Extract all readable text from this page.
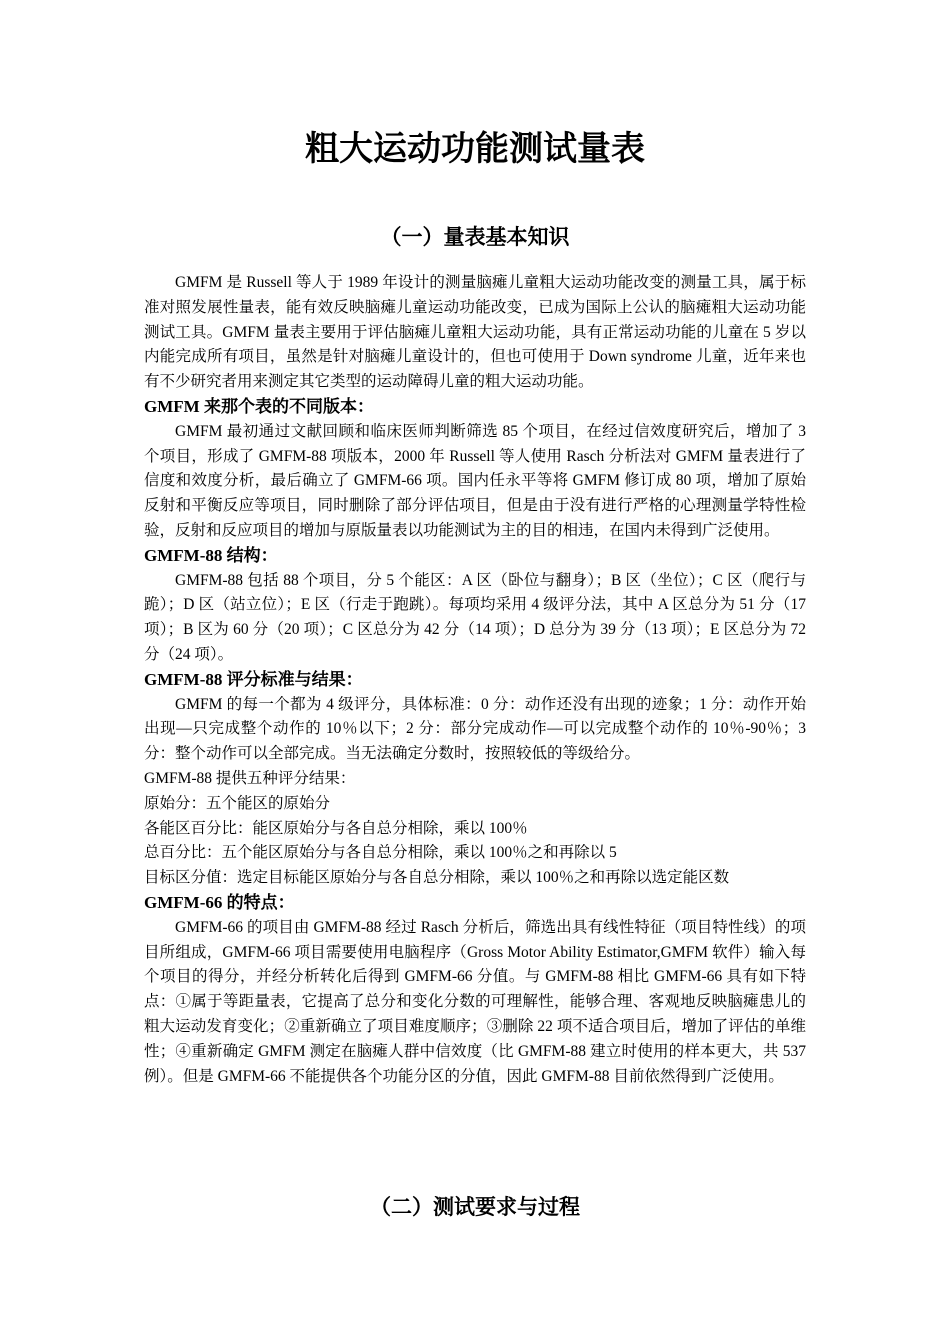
粗大运动功能测试量表
（一）量表基本知识

GMFM 是 Russell 等人于 1989 年设计的测量脑瘫儿童粗大运动功能改变的测量工具，属于标准对照发展性量表，能有效反映脑瘫儿童运动功能改变，已成为国际上公认的脑瘫粗大运动功能测试工具。GMFM 量表主要用于评估脑瘫儿童粗大运动功能，具有正常运动功能的儿童在 5 岁以内能完成所有项目，虽然是针对脑瘫儿童设计的，但也可使用于 Down syndrome 儿童，近年来也有不少研究者用来测定其它类型的运动障碍儿童的粗大运动功能。

GMFM 来那个表的不同版本：

GMFM 最初通过文献回顾和临床医师判断筛选 85 个项目，在经过信效度研究后，增加了 3 个项目，形成了 GMFM-88 项版本，2000 年 Russell 等人使用 Rasch 分析法对 GMFM 量表进行了信度和效度分析，最后确立了 GMFM-66 项。国内任永平等将 GMFM 修订成 80 项，增加了原始反射和平衡反应等项目，同时删除了部分评估项目，但是由于没有进行严格的心理测量学特性检验，反射和反应项目的增加与原版量表以功能测试为主的目的相违，在国内未得到广泛使用。

GMFM-88 结构：

GMFM-88 包括 88 个项目，分 5 个能区：A 区（卧位与翻身）；B 区（坐位）；C 区（爬行与跪）；D 区（站立位）；E 区（行走于跑跳）。每项均采用 4 级评分法，其中 A 区总分为 51 分（17 项）；B 区为 60 分（20 项）；C 区总分为 42 分（14 项）；D 总分为 39 分（13 项）；E 区总分为 72 分（24 项）。

GMFM-88 评分标准与结果：

GMFM 的每一个都为 4 级评分，具体标准：0 分：动作还没有出现的迹象；1 分：动作开始出现—只完成整个动作的 10％以下；2 分：部分完成动作—可以完成整个动作的 10％-90％；3 分：整个动作可以全部完成。当无法确定分数时，按照较低的等级给分。

GMFM-88 提供五种评分结果：

原始分：五个能区的原始分

各能区百分比：能区原始分与各自总分相除，乘以 100％

总百分比：五个能区原始分与各自总分相除，乘以 100％之和再除以 5

目标区分值：选定目标能区原始分与各自总分相除，乘以 100％之和再除以选定能区数

GMFM-66 的特点：

GMFM-66 的项目由 GMFM-88 经过 Rasch 分析后，筛选出具有线性特征（项目特性线）的项目所组成，GMFM-66 项目需要使用电脑程序（Gross Motor Ability Estimator,GMFM 软件）输入每个项目的得分，并经分析转化后得到 GMFM-66 分值。与 GMFM-88 相比 GMFM-66 具有如下特点：①属于等距量表，它提高了总分和变化分数的可理解性，能够合理、客观地反映脑瘫患儿的粗大运动发育变化；②重新确立了项目难度顺序；③删除 22 项不适合项目后，增加了评估的单维性；④重新确定 GMFM 测定在脑瘫人群中信效度（比 GMFM-88 建立时使用的样本更大，共 537 例）。但是 GMFM-66 不能提供各个功能分区的分值，因此 GMFM-88 目前依然得到广泛使用。

（二）测试要求与过程
